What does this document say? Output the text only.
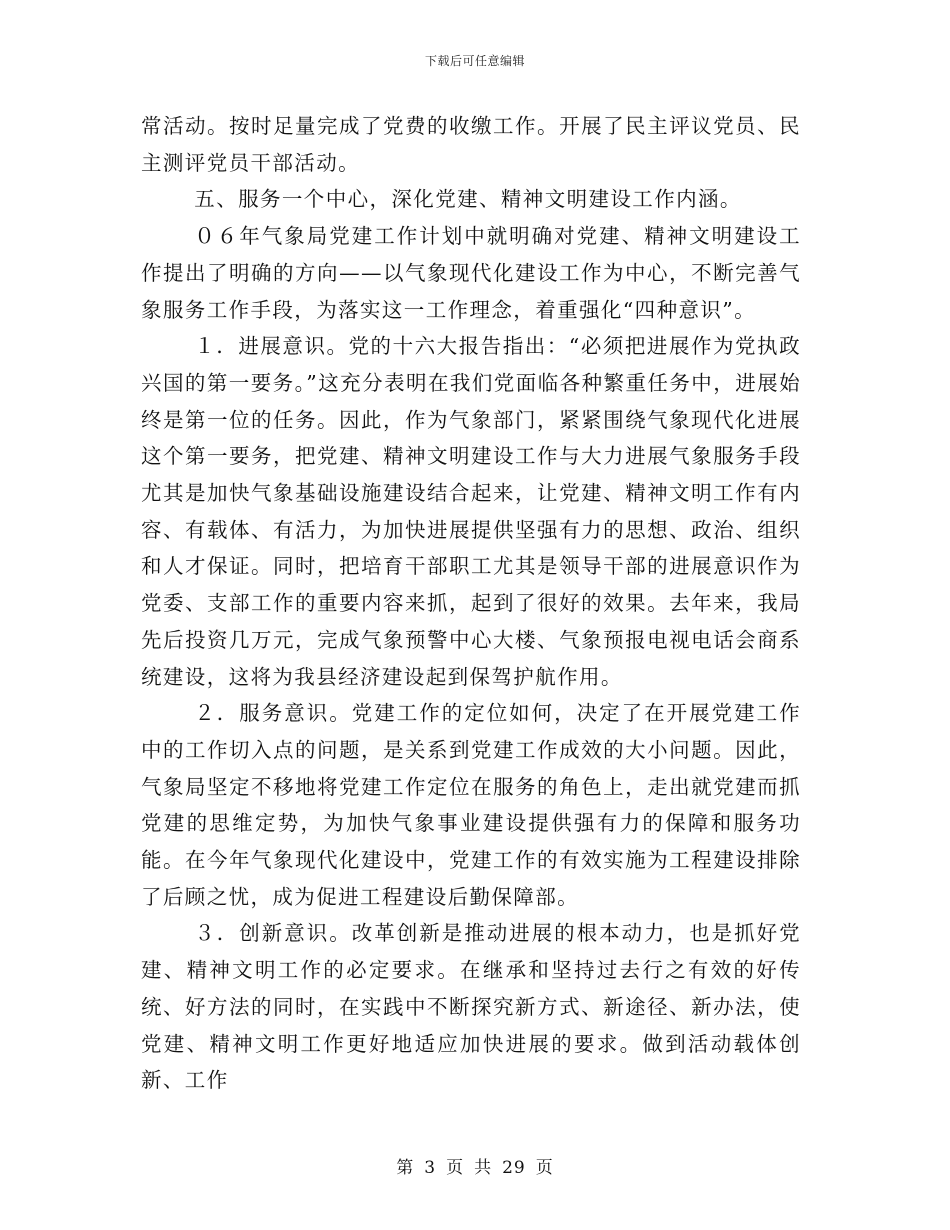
下载后可任意编辑

常活动。按时足量完成了党费的收缴工作。开展了民主评议党员、民主测评党员干部活动。

五、服务一个中心，深化党建、精神文明建设工作内涵。

０６年气象局党建工作计划中就明确对党建、精神文明建设工作提出了明确的方向——以气象现代化建设工作为中心，不断完善气象服务工作手段，为落实这一工作理念，着重强化“四种意识”。

１．进展意识。党的十六大报告指出：“必须把进展作为党执政兴国的第一要务。”这充分表明在我们党面临各种繁重任务中，进展始终是第一位的任务。因此，作为气象部门，紧紧围绕气象现代化进展这个第一要务，把党建、精神文明建设工作与大力进展气象服务手段尤其是加快气象基础设施建设结合起来，让党建、精神文明工作有内容、有载体、有活力，为加快进展提供坚强有力的思想、政治、组织和人才保证。同时，把培育干部职工尤其是领导干部的进展意识作为党委、支部工作的重要内容来抓，起到了很好的效果。去年来，我局先后投资几万元，完成气象预警中心大楼、气象预报电视电话会商系统建设，这将为我县经济建设起到保驾护航作用。

２．服务意识。党建工作的定位如何，决定了在开展党建工作中的工作切入点的问题，是关系到党建工作成效的大小问题。因此，气象局坚定不移地将党建工作定位在服务的角色上，走出就党建而抓党建的思维定势，为加快气象事业建设提供强有力的保障和服务功能。在今年气象现代化建设中，党建工作的有效实施为工程建设排除了后顾之忧，成为促进工程建设后勤保障部。

３．创新意识。改革创新是推动进展的根本动力，也是抓好党建、精神文明工作的必定要求。在继承和坚持过去行之有效的好传统、好方法的同时，在实践中不断探究新方式、新途径、新办法，使党建、精神文明工作更好地适应加快进展的要求。做到活动载体创新、工作

第 3 页 共 29 页
